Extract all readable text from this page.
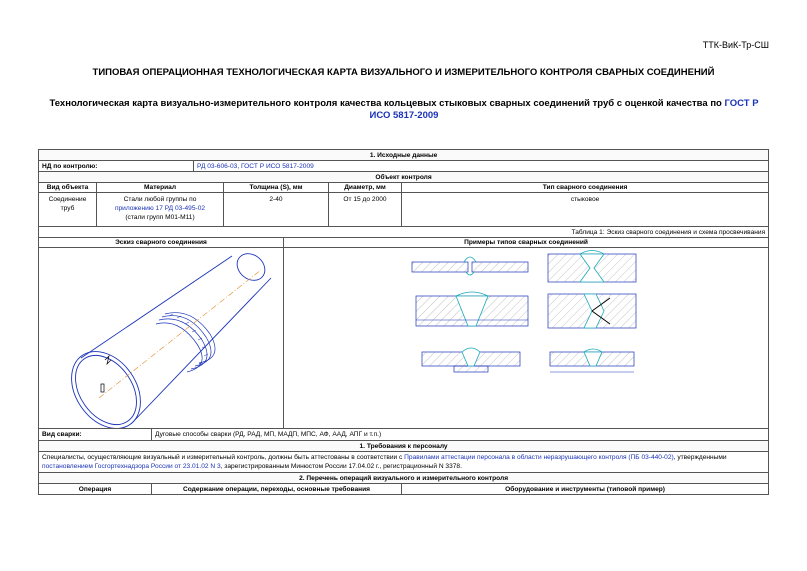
ТТК-ВиК-Тр-СШ
ТИПОВАЯ ОПЕРАЦИОННАЯ ТЕХНОЛОГИЧЕСКАЯ КАРТА ВИЗУАЛЬНОГО И ИЗМЕРИТЕЛЬНОГО КОНТРОЛЯ СВАРНЫХ СОЕДИНЕНИЙ
Технологическая карта визуально-измерительного контроля качества кольцевых стыковых сварных соединений труб с оценкой качества по ГОСТ Р ИСО 5817-2009
1. Исходные данные							
НД по контролю:			РД 03-606-03, ГОСТ Р ИСО 5817-2009				
Объект контроля							
Вид объекта	Материал			Толщина (S), мм		Диаметр, мм	Тип сварного соединения
Соединение труб	Стали любой группы по
приложению 17 РД 03-495-02
(стали групп М01-М11)			2-40		От 15 до 2000	стыковое
Таблица 1: Эскиз сварного соединения и схема просвечивания							
Эскиз сварного соединения					Примеры типов сварных соединений		

Вид сварки:		Дуговые способы сварки (РД, РАД, МП, МАДП, МПС, АФ, ААД, АПГ и т.п.)					
1. Требования к персоналу							
Специалисты, осуществляющие визуальный и измерительный контроль, должны быть аттестованы в соответствии с Правилами аттестации персонала в области неразрушающего контроля (ПБ 03-440-02), утвержденными
постановлением Госгортехнадзора России от 23.01.02 N 3, зарегистрированным Минюстом России 17.04.02 г., регистрационный N 3378.							
2. Перечень операций визуального и измерительного контроля							
Операция		Содержание операции, переходы, основные требования					Оборудование и инструменты (типовой пример)
